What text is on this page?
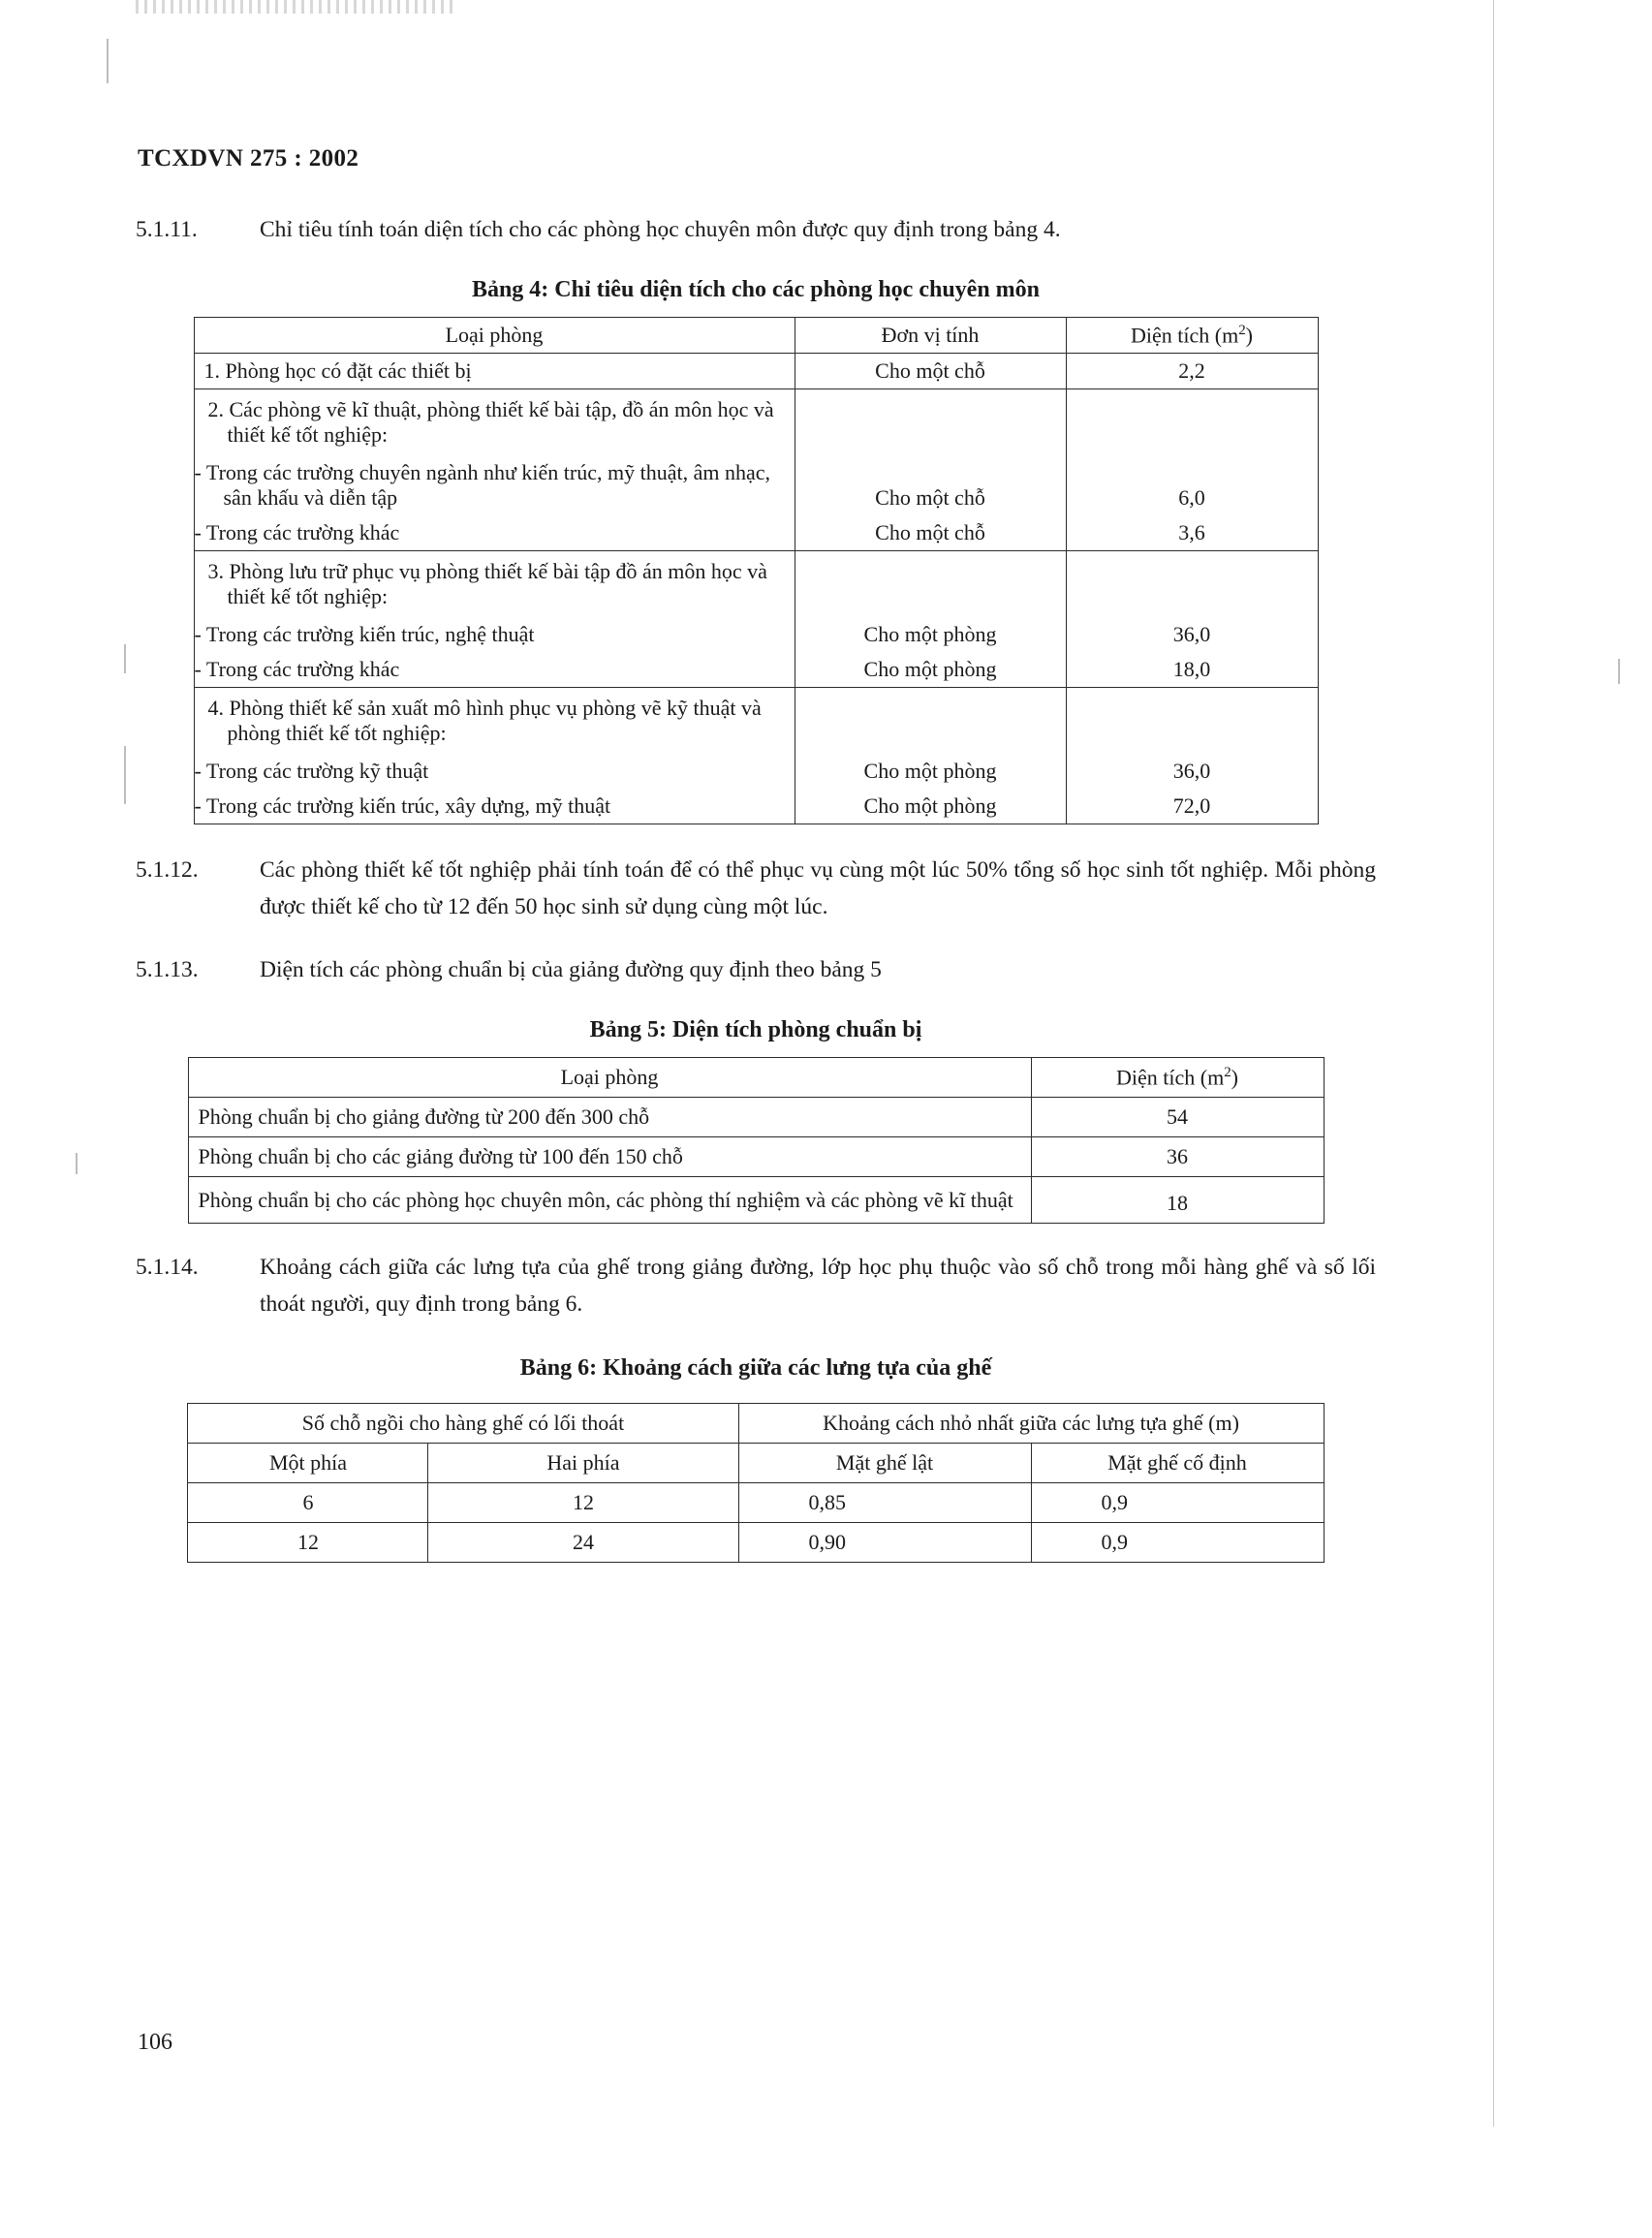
TCXDVN 275 : 2002
5.1.11.	Chỉ tiêu tính toán diện tích cho các phòng học chuyên môn được quy định trong bảng 4.
Bảng 4: Chỉ tiêu diện tích cho các phòng học chuyên môn
Loại phòng	Đơn vị tính	Diện tích $(m^2)$
1. Phòng học có đặt các thiết bị	Cho một chỗ	2,2
2. Các phòng vẽ kĩ thuật, phòng thiết kế bài tập, đồ án môn học và thiết kế tốt nghiệp:		
- Trong các trường chuyên ngành như kiến trúc, mỹ thuật, âm nhạc, sân khấu và diễn tập	Cho một chỗ	6,0
- Trong các trường khác	Cho một chỗ	3,6
3. Phòng lưu trữ phục vụ phòng thiết kế bài tập đồ án môn học và thiết kế tốt nghiệp:		
- Trong các trường kiến trúc, nghệ thuật	Cho một phòng	36,0
- Trong các trường khác	Cho một phòng	18,0
4. Phòng thiết kế sản xuất mô hình phục vụ phòng vẽ kỹ thuật và phòng thiết kế tốt nghiệp:		
- Trong các trường kỹ thuật	Cho một phòng	36,0
- Trong các trường kiến trúc, xây dựng, mỹ thuật	Cho một phòng	72,0
5.1.12.	Các phòng thiết kế tốt nghiệp phải tính toán để có thể phục vụ cùng một lúc 50% tổng số học sinh tốt nghiệp. Mỗi phòng được thiết kế cho từ 12 đến 50 học sinh sử dụng cùng một lúc.
5.1.13.	Diện tích các phòng chuẩn bị của giảng đường quy định theo bảng 5
Bảng 5: Diện tích phòng chuẩn bị
Loại phòng	Diện tích $(m^2)$
Phòng chuẩn bị cho giảng đường từ 200 đến 300 chỗ	54
Phòng chuẩn bị cho các giảng đường từ 100 đến 150 chỗ	36
Phòng chuẩn bị cho các phòng học chuyên môn, các phòng thí nghiệm và các phòng vẽ kĩ thuật	18
5.1.14.	Khoảng cách giữa các lưng tựa của ghế trong giảng đường, lớp học phụ thuộc vào số chỗ trong mỗi hàng ghế và số lối thoát người, quy định trong bảng 6.
Bảng 6: Khoảng cách giữa các lưng tựa của ghế
Số chỗ ngồi cho hàng ghế có lối thoát		Khoảng cách nhỏ nhất giữa các lưng tựa ghế (m)	
Một phía	Hai phía	Mặt ghế lật	Mặt ghế cố định
6	12	0,85	0,9
12	24	0,90	0,9
106
